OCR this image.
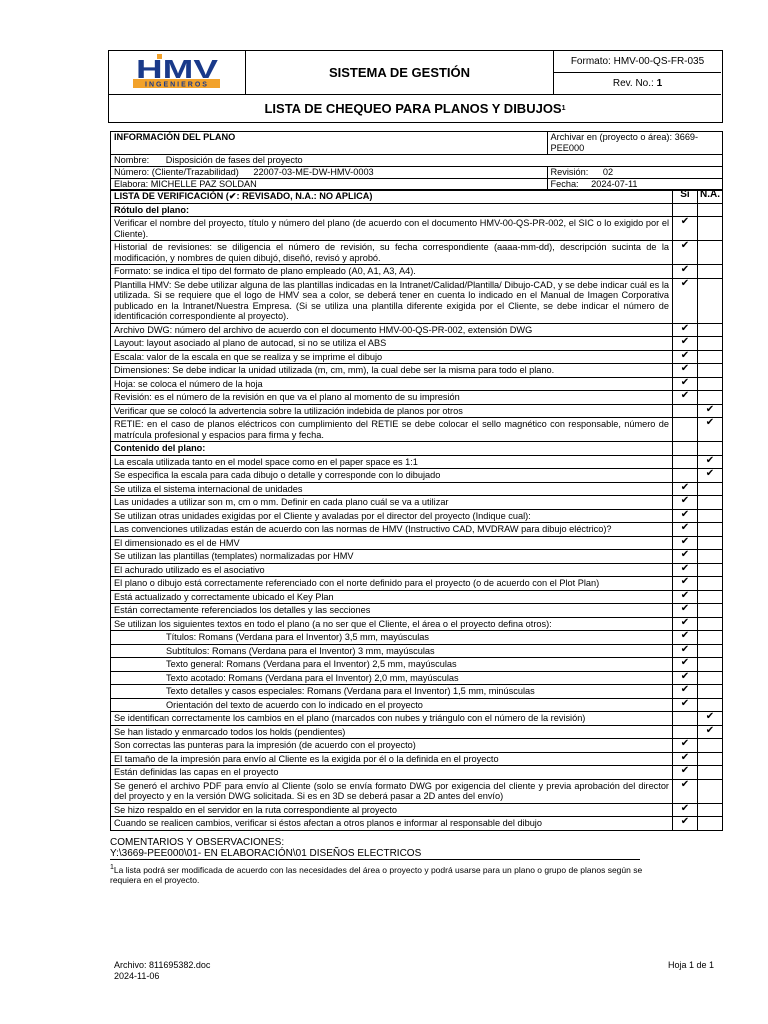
HMV
INGENIEROS
SISTEMA DE GESTIÓN
Formato: HMV-00-QS-FR-035
Rev. No.:
1
LISTA DE CHEQUEO PARA PLANOS Y DIBUJOS 1
INFORMACIÓN DEL PLANO	Archivar en (proyecto o área): 3669- PEE000
Nombre: Disposición de fases del proyecto	
Número: (Cliente/Trazabilidad) 22007-03-ME-DW-HMV-0003	Revisión: 02
Elabora: MICHELLE PAZ SOLDAN	Fecha: 2024-07-11
LISTA DE VERIFICACIÓN (✔: REVISADO, N.A.: NO APLICA)	Si	N.A.
Rótulo del plano:		
Verificar el nombre del proyecto, título y número del plano (de acuerdo con el documento HMV-00-QS-PR-002, el SIC o lo exigido por el Cliente).	✔	
Historial de revisiones: se diligencia el número de revisión, su fecha correspondiente (aaaa-mm-dd), descripción sucinta de la modificación, y nombres de quien dibujó, diseñó, revisó y aprobó.	✔	
Formato: se indica el tipo del formato de plano empleado (A0, A1, A3, A4).	✔	
Plantilla HMV: Se debe utilizar alguna de las plantillas indicadas en la Intranet/Calidad/Plantilla/ Dibujo-CAD, y se debe indicar cuál es la utilizada. Si se requiere que el logo de HMV sea a color, se deberá tener en cuenta lo indicado en el Manual de Imagen Corporativa publicado en la Intranet/Nuestra Empresa. (Si se utiliza una plantilla diferente exigida por el Cliente, se debe indicar el número de identificación correspondiente al proyecto).	✔	
Archivo DWG: número del archivo de acuerdo con el documento HMV-00-QS-PR-002, extensión DWG	✔	
Layout: layout asociado al plano de autocad, si no se utiliza el ABS	✔	
Escala: valor de la escala en que se realiza y se imprime el dibujo	✔	
Dimensiones: Se debe indicar la unidad utilizada (m, cm, mm), la cual debe ser la misma para todo el plano.	✔	
Hoja: se coloca el número de la hoja	✔	
Revisión: es el número de la revisión en que va el plano al momento de su impresión	✔	
Verificar que se colocó la advertencia sobre la utilización indebida de planos por otros		✔
RETIE: en el caso de planos eléctricos con cumplimiento del RETIE se debe colocar el sello magnético con responsable, número de matrícula profesional y espacios para firma y fecha.		✔
Contenido del plano:		
La escala utilizada tanto en el model space como en el paper space es 1:1		✔
Se especifica la escala para cada dibujo o detalle y corresponde con lo dibujado		✔
Se utiliza el sistema internacional de unidades	✔	
Las unidades a utilizar son m, cm o mm. Definir en cada plano cuál se va a utilizar	✔	
Se utilizan otras unidades exigidas por el Cliente y avaladas por el director del proyecto (Indique cual):	✔	
Las convenciones utilizadas están de acuerdo con las normas de HMV (Instructivo CAD, MVDRAW para dibujo eléctrico)?	✔	
El dimensionado es el de HMV	✔	
Se utilizan las plantillas (templates) normalizadas por HMV	✔	
El achurado utilizado es el asociativo	✔	
El plano o dibujo está correctamente referenciado con el norte definido para el proyecto (o de acuerdo con el Plot Plan)	✔	
Está actualizado y correctamente ubicado el Key Plan	✔	
Están correctamente referenciados los detalles y las secciones	✔	
Se utilizan los siguientes textos en todo el plano (a no ser que el Cliente, el área o el proyecto defina otros):	✔	
Títulos: Romans (Verdana para el Inventor) 3,5 mm, mayúsculas	✔	
Subtítulos: Romans (Verdana para el Inventor) 3 mm, mayúsculas	✔	
Texto general: Romans (Verdana para el Inventor) 2,5 mm, mayúsculas	✔	
Texto acotado: Romans (Verdana para el Inventor) 2,0 mm, mayúsculas	✔	
Texto detalles y casos especiales: Romans (Verdana para el Inventor) 1,5 mm, minúsculas	✔	
Orientación del texto de acuerdo con lo indicado en el proyecto	✔	
Se identifican correctamente los cambios en el plano (marcados con nubes y triángulo con el número de la revisión)		✔
Se han listado y enmarcado todos los holds (pendientes)		✔
Son correctas las punteras para la impresión (de acuerdo con el proyecto)	✔	
El tamaño de la impresión para envío al Cliente es la exigida por él o la definida en el proyecto	✔	
Están definidas las capas en el proyecto	✔	
Se generó el archivo PDF para envío al Cliente (solo se envía formato DWG por exigencia del cliente y previa aprobación del director del proyecto y en la versión DWG solicitada. Si es en 3D se deberá pasar a 2D antes del envío)	✔	
Se hizo respaldo en el servidor en la ruta correspondiente al proyecto	✔	
Cuando se realicen cambios, verificar si éstos afectan a otros planos e informar al responsable del dibujo	✔	
COMENTARIOS Y OBSERVACIONES:
Y:\3669-PEE000\01- EN ELABORACIÓN\01 DISEÑOS ELECTRICOS
$^1$La lista podrá ser modificada de acuerdo con las necesidades del área o proyecto y podrá usarse para un plano o grupo de planos según se requiera en el proyecto.
Archivo: 811695382.doc
2024-11-06
Hoja 1 de 1
